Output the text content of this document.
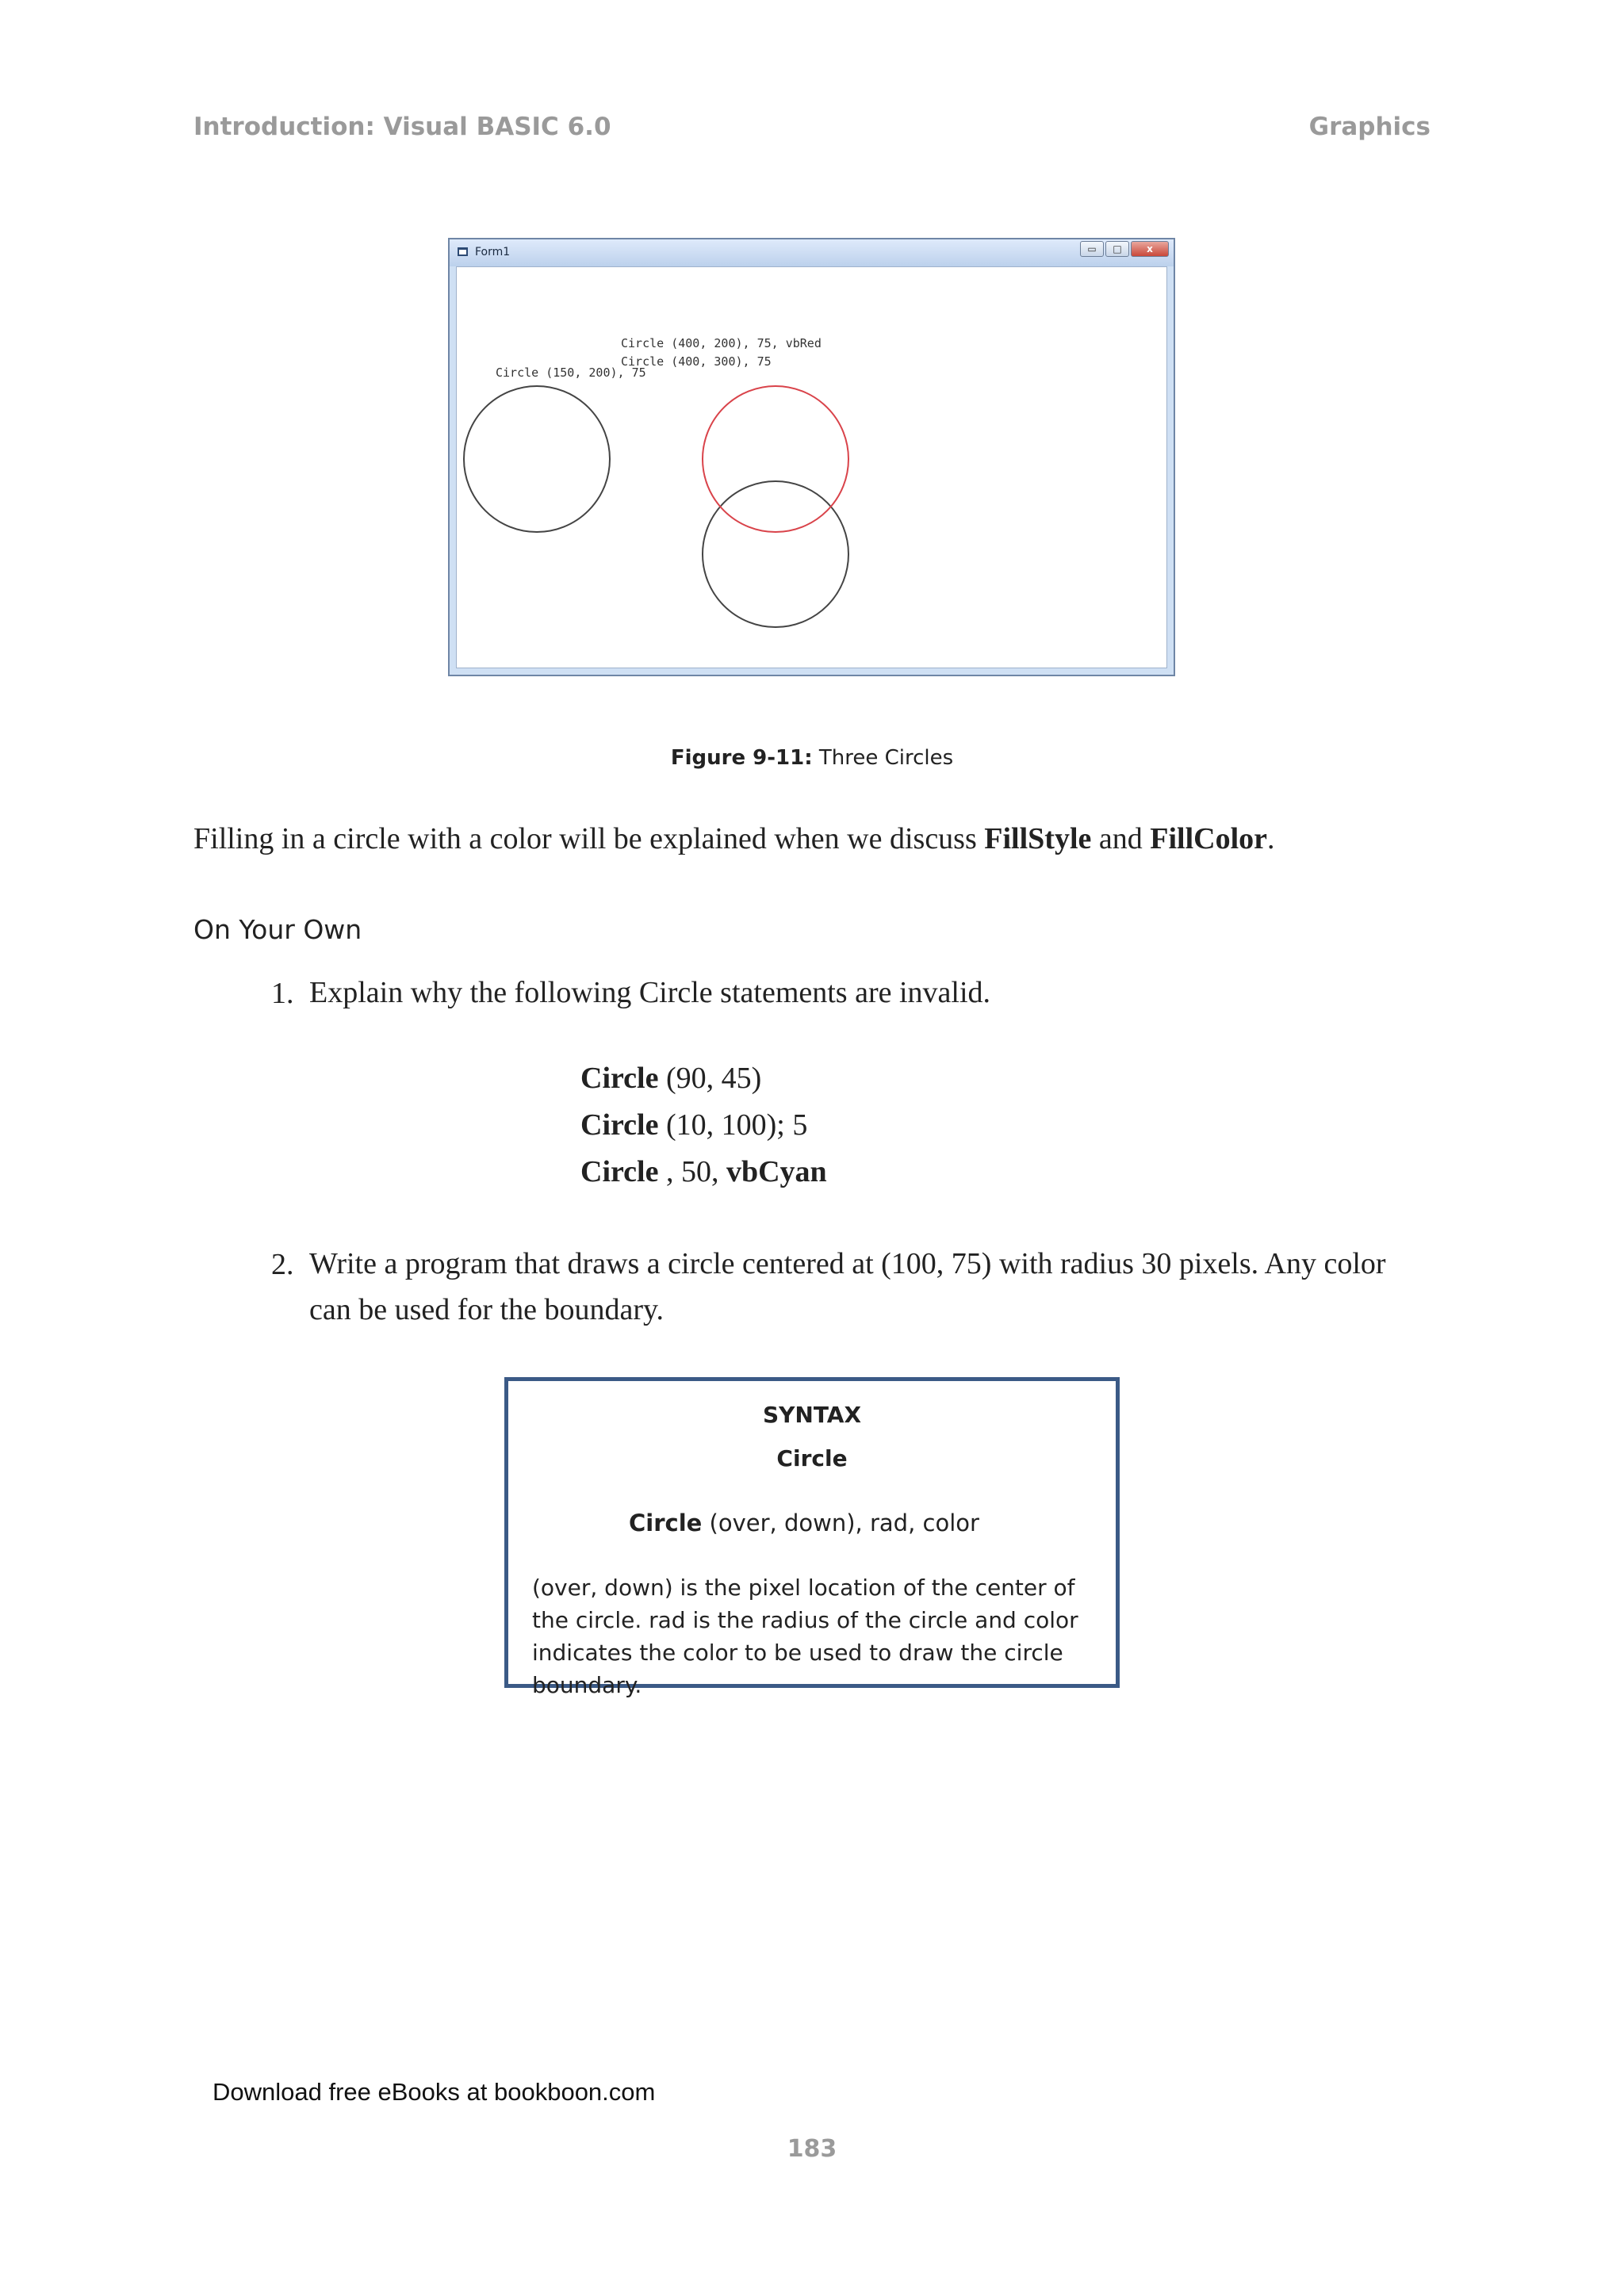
Introduction: Visual BASIC 6.0	Graphics
Form1	▭	□	x
Circle (150, 200), 75
Circle (400, 200), 75, vbRed
Circle (400, 300), 75
Figure 9-11: Three Circles
Filling in a circle with a color will be explained when we discuss FillStyle and FillColor.
On Your Own
1. Explain why the following Circle statements are invalid.
Circle (90, 45)
Circle (10, 100); 5
Circle , 50, vbCyan
2. Write a program that draws a circle centered at (100, 75) with radius 30 pixels. Any color can be used for the boundary.
SYNTAX
Circle
Circle (over, down), rad, color
(over, down) is the pixel location of the center of the circle. rad is the radius of the circle and color indicates the color to be used to draw the circle boundary.
Download free eBooks at bookboon.com
183
